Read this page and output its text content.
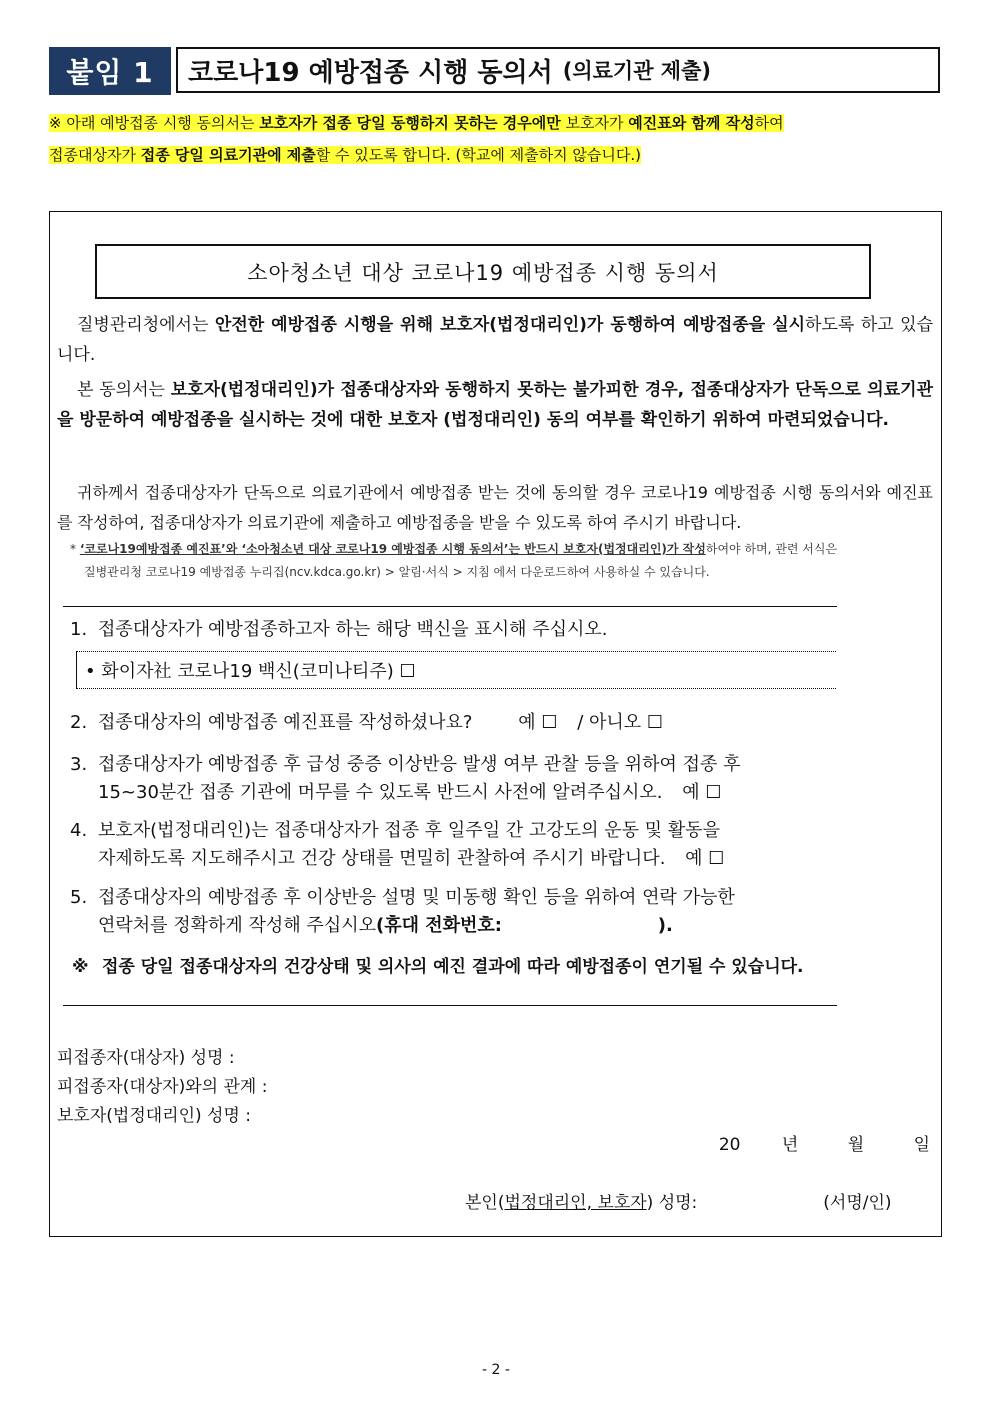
붙임 1	코로나19 예방접종 시행 동의서 (의료기관 제출)
※ 아래 예방접종 시행 동의서는 보호자가 접종 당일 동행하지 못하는 경우에만 보호자가 예진표와 함께 작성하여
접종대상자가 접종 당일 의료기관에 제출할 수 있도록 합니다. (학교에 제출하지 않습니다.)
소아청소년 대상 코로나19 예방접종 시행 동의서
질병관리청에서는 안전한 예방접종 시행을 위해 보호자(법정대리인)가 동행하여 예방접종을 실시하도록 하고 있습니다.
본 동의서는 보호자(법정대리인)가 접종대상자와 동행하지 못하는 불가피한 경우, 접종대상자가 단독으로 의료기관을 방문하여 예방접종을 실시하는 것에 대한 보호자 (법정대리인) 동의 여부를 확인하기 위하여 마련되었습니다.
귀하께서 접종대상자가 단독으로 의료기관에서 예방접종 받는 것에 동의할 경우 코로나19 예방접종 시행 동의서와 예진표를 작성하여, 접종대상자가 의료기관에 제출하고 예방접종을 받을 수 있도록 하여 주시기 바랍니다.
* ‘코로나19예방접종 예진표’와 ‘소아청소년 대상 코로나19 예방접종 시행 동의서’는 반드시 보호자(법정대리인)가 작성하여야 하며, 관련 서식은
질병관리청 코로나19 예방접종 누리집(ncv.kdca.go.kr) > 알림·서식 > 지침 에서 다운로드하여 사용하실 수 있습니다.
1. 접종대상자가 예방접종하고자 하는 해당 백신을 표시해 주십시오.
• 화이자社 코로나19 백신(코미나티주) ☐
2. 접종대상자의 예방접종 예진표를 작성하셨나요?	예 ☐ / 아니오 ☐
3. 접종대상자가 예방접종 후 급성 중증 이상반응 발생 여부 관찰 등을 위하여 접종 후
15~30분간 접종 기관에 머무를 수 있도록 반드시 사전에 알려주십시오. 예 ☐
4. 보호자(법정대리인)는 접종대상자가 접종 후 일주일 간 고강도의 운동 및 활동을
자제하도록 지도해주시고 건강 상태를 면밀히 관찰하여 주시기 바랍니다. 예 ☐
5. 접종대상자의 예방접종 후 이상반응 설명 및 미동행 확인 등을 위하여 연락 가능한
연락처를 정확하게 작성해 주십시오(휴대 전화번호:	).
※ 접종 당일 접종대상자의 건강상태 및 의사의 예진 결과에 따라 예방접종이 연기될 수 있습니다.
피접종자(대상자) 성명 :
피접종자(대상자)와의 관계 :
보호자(법정대리인) 성명 :
20 년	월	일
본인(법정대리인, 보호자) 성명:	(서명/인)
- 2 -
